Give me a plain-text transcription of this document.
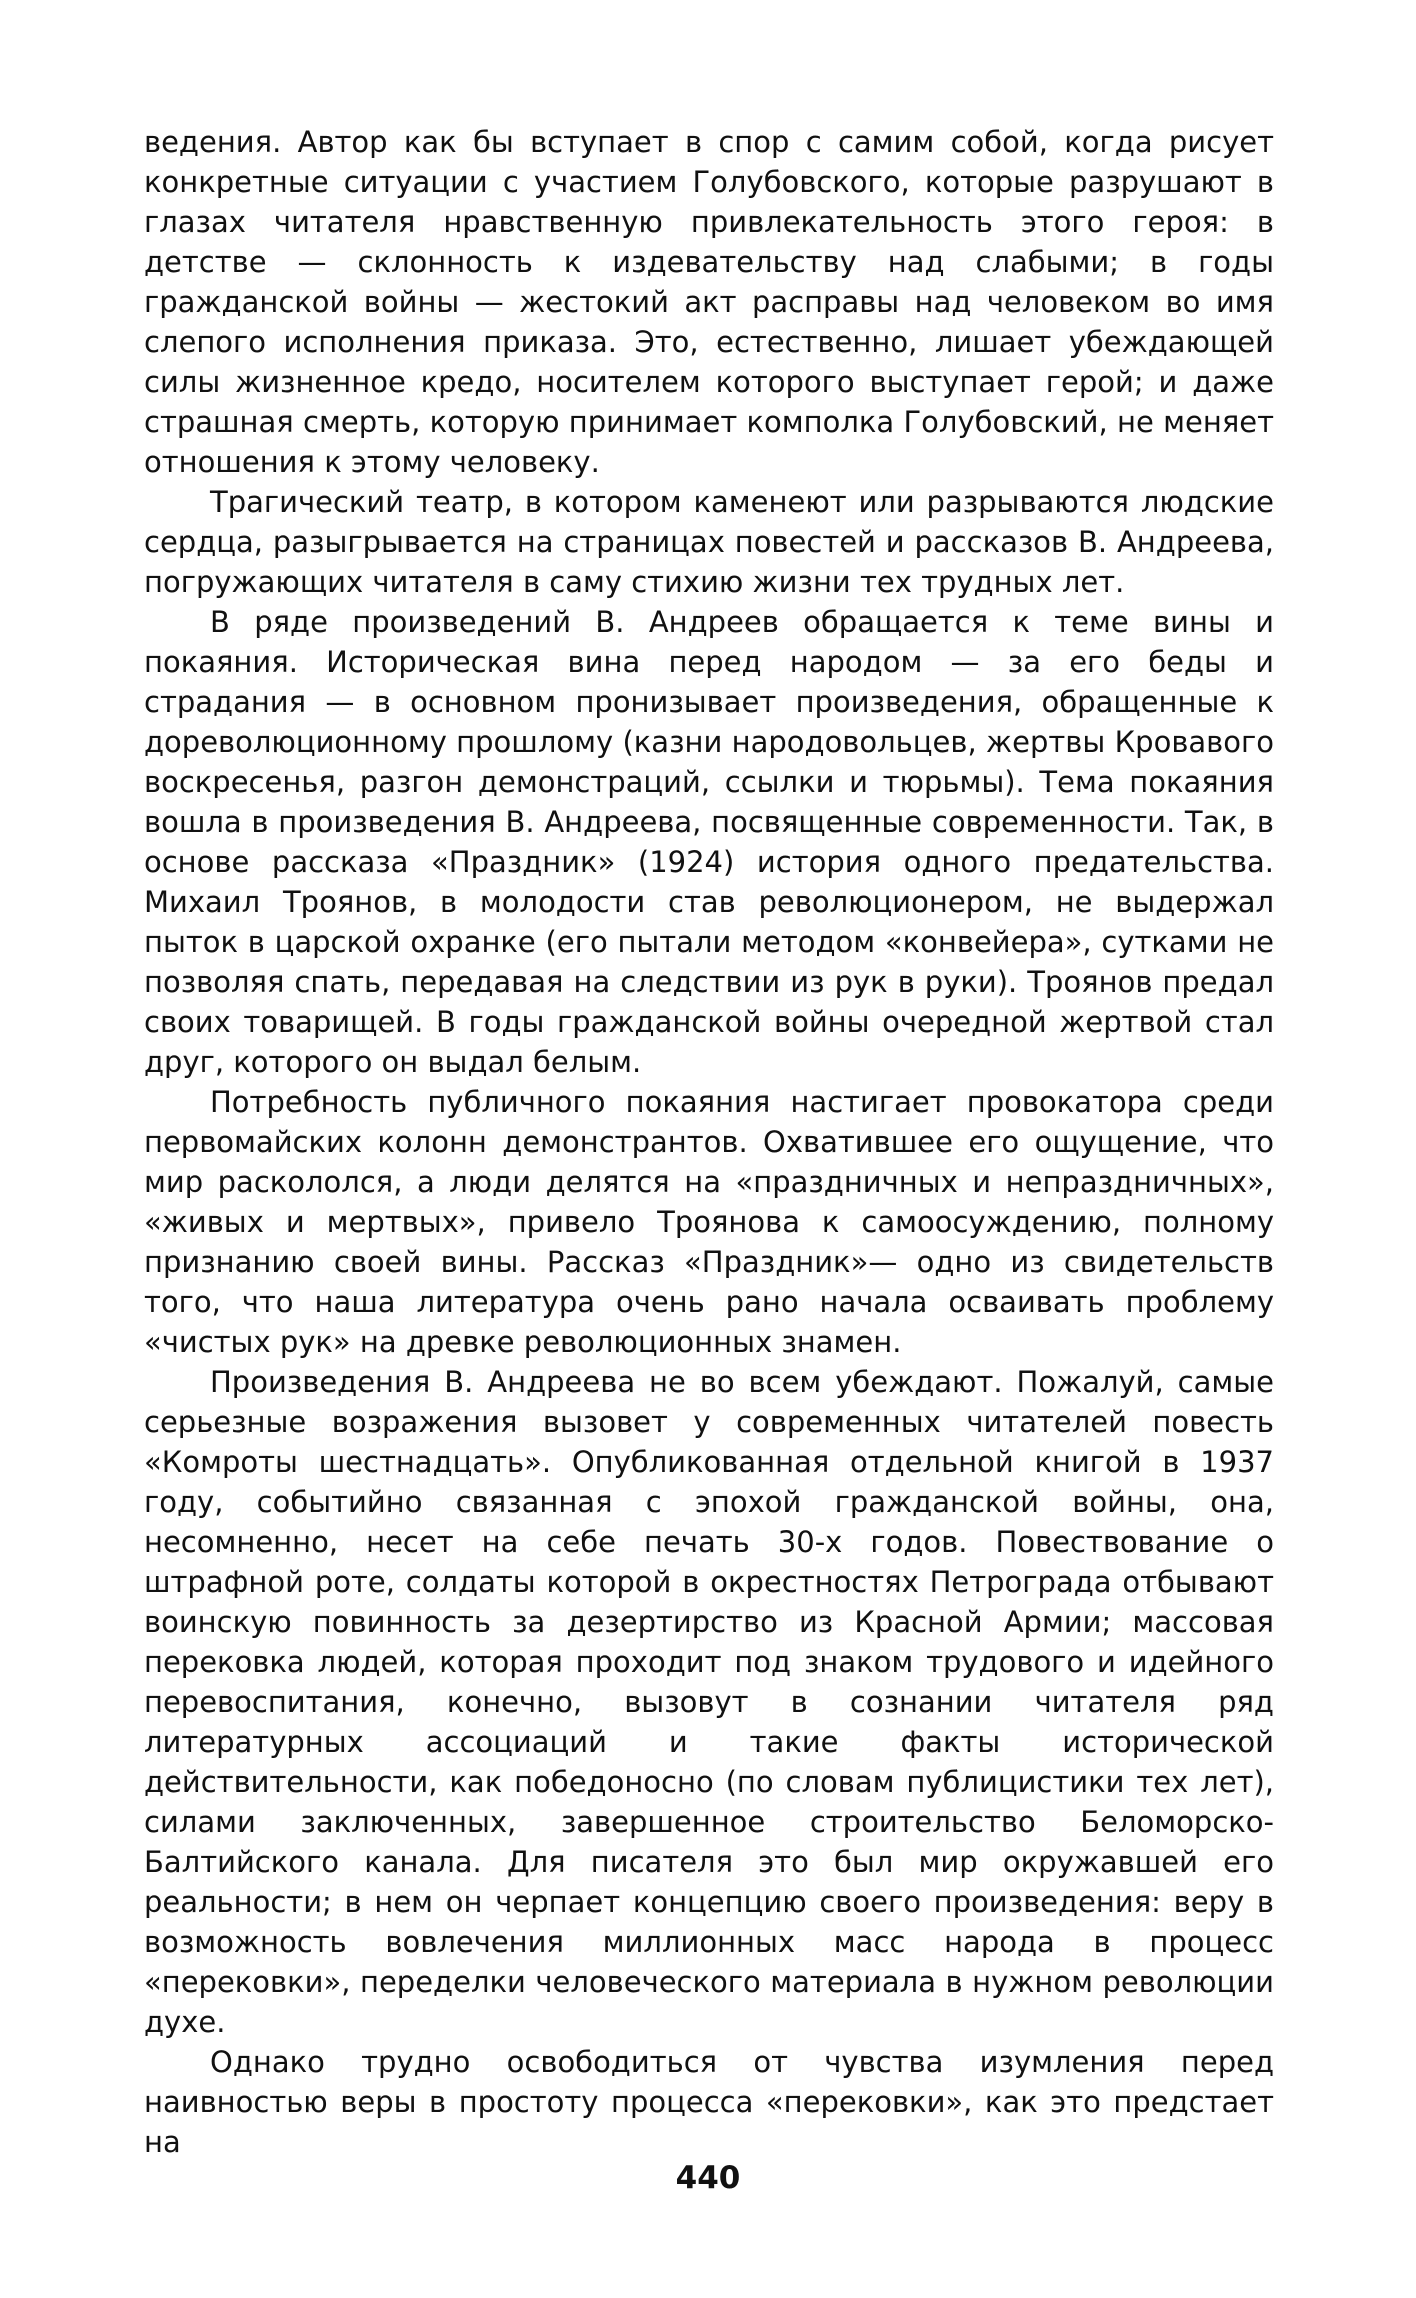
ведения. Автор как бы вступает в спор с самим собой, когда рисует конкретные ситуации с участием Голубовского, которые разрушают в глазах читателя нравственную привлекательность этого героя: в детстве — склонность к издевательству над слабыми; в годы гражданской войны — жестокий акт расправы над человеком во имя слепого исполнения приказа. Это, естественно, лишает убеждающей силы жизненное кредо, носителем которого выступает герой; и даже страшная смерть, которую принимает комполка Голубовский, не меняет отношения к этому человеку.

Трагический театр, в котором каменеют или разрываются людские сердца, разыгрывается на страницах повестей и рассказов В. Андреева, погружающих читателя в саму стихию жизни тех трудных лет.

В ряде произведений В. Андреев обращается к теме вины и покаяния. Историческая вина перед народом — за его беды и страдания — в основном пронизывает произведения, обращенные к дореволюционному прошлому (казни народовольцев, жертвы Кровавого воскресенья, разгон демонстраций, ссылки и тюрьмы). Тема покаяния вошла в произведения В. Андреева, посвященные современности. Так, в основе рассказа «Праздник» (1924) история одного предательства. Михаил Троянов, в молодости став революционером, не выдержал пыток в царской охранке (его пытали методом «конвейера», сутками не позволяя спать, передавая на следствии из рук в руки). Троянов предал своих товарищей. В годы гражданской войны очередной жертвой стал друг, которого он выдал белым.

Потребность публичного покаяния настигает провокатора среди первомайских колонн демонстрантов. Охватившее его ощущение, что мир раскололся, а люди делятся на «праздничных и непраздничных», «живых и мертвых», привело Троянова к самоосуждению, полному признанию своей вины. Рассказ «Праздник»— одно из свидетельств того, что наша литература очень рано начала осваивать проблему «чистых рук» на древке революционных знамен.

Произведения В. Андреева не во всем убеждают. Пожалуй, самые серьезные возражения вызовет у современных читателей повесть «Комроты шестнадцать». Опубликованная отдельной книгой в 1937 году, событийно связанная с эпохой гражданской войны, она, несомненно, несет на себе печать 30-х годов. Повествование о штрафной роте, солдаты которой в окрестностях Петрограда отбывают воинскую повинность за дезертирство из Красной Армии; массовая перековка людей, которая проходит под знаком трудового и идейного перевоспитания, конечно, вызовут в сознании читателя ряд литературных ассоциаций и такие факты исторической действительности, как победоносно (по словам публицистики тех лет), силами заключенных, завершенное строительство Беломорско-Балтийского канала. Для писателя это был мир окружавшей его реальности; в нем он черпает концепцию своего произведения: веру в возможность вовлечения миллионных масс народа в процесс «перековки», переделки человеческого материала в нужном революции духе.

Однако трудно освободиться от чувства изумления перед наивностью веры в простоту процесса «перековки», как это предстает на

440
